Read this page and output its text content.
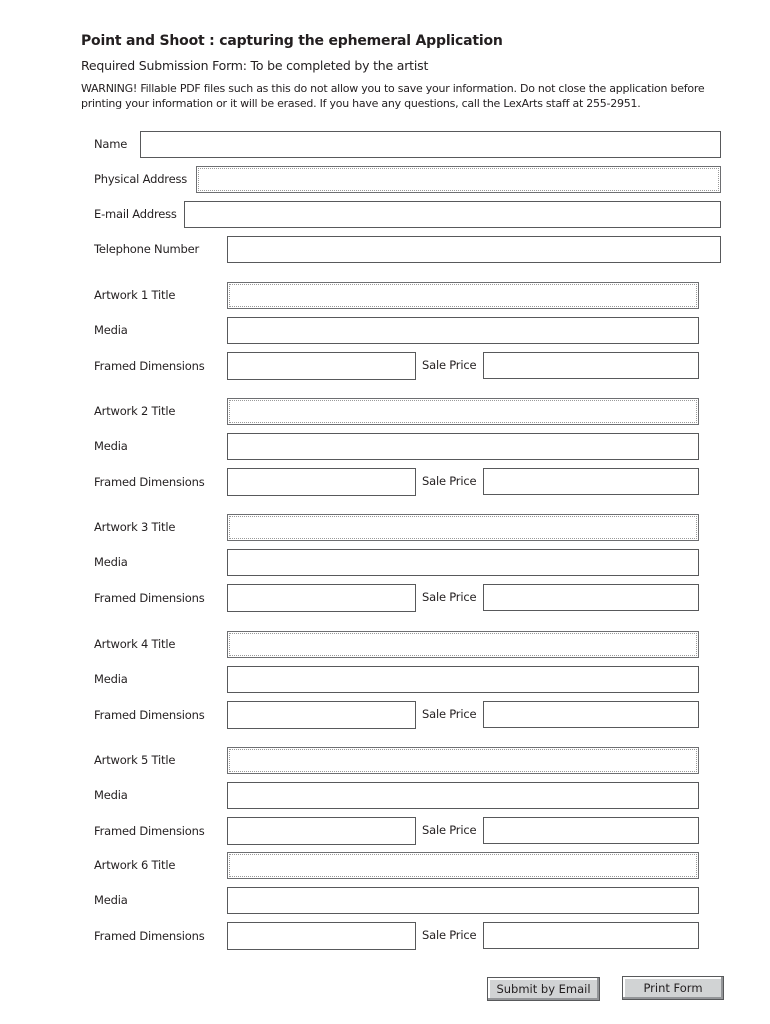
Point and Shoot : capturing the ephemeral Application
Required Submission Form: To be completed by the artist
WARNING! Fillable PDF files such as this do not allow you to save your information. Do not close the application before printing your information or it will be erased. If you have any questions, call the LexArts staff at 255-2951.
Name
Physical Address
E-mail Address
Telephone Number
Artwork 1 Title
Media
Framed Dimensions	Sale Price
Artwork 2 Title
Media
Framed Dimensions	Sale Price
Artwork 3 Title
Media
Framed Dimensions	Sale Price
Artwork 4 Title
Media
Framed Dimensions	Sale Price
Artwork 5 Title
Media
Framed Dimensions	Sale Price
Artwork 6 Title
Media
Framed Dimensions	Sale Price
Submit by Email	Print Form
